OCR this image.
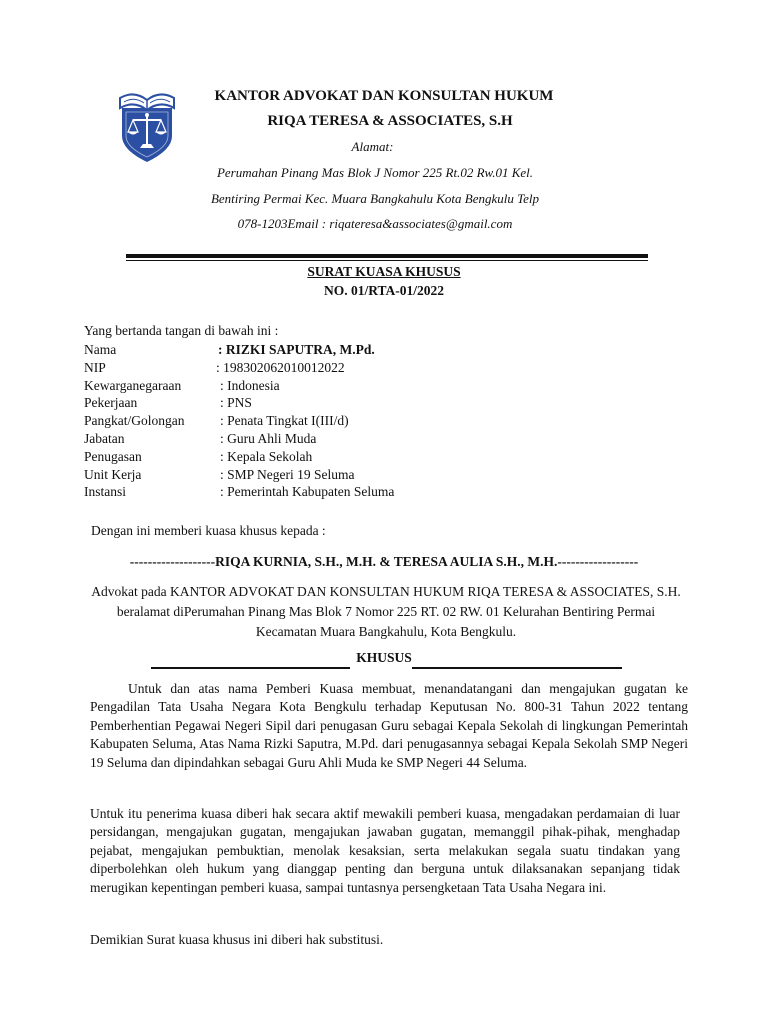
KANTOR ADVOKAT DAN KONSULTAN HUKUM
RIQA TERESA & ASSOCIATES, S.H
Alamat:
Perumahan Pinang Mas Blok J Nomor 225 Rt.02 Rw.01 Kel.
Bentiring Permai Kec. Muara Bangkahulu Kota Bengkulu Telp
078-1203Email : riqateresa&associates@gmail.com
SURAT KUASA KHUSUS
NO. 01/RTA-01/2022
Yang bertanda tangan di bawah ini :
Nama	: RIZKI SAPUTRA, M.Pd.
NIP	: 198302062010012022
Kewarganegaraan	: Indonesia
Pekerjaan	: PNS
Pangkat/Golongan	: Penata Tingkat I(III/d)
Jabatan	: Guru Ahli Muda
Penugasan	: Kepala Sekolah
Unit Kerja	: SMP Negeri 19 Seluma
Instansi	: Pemerintah Kabupaten Seluma
Dengan ini memberi kuasa khusus kepada :
-------------------RIQA KURNIA, S.H., M.H. & TERESA AULIA S.H., M.H.------------------
Advokat pada KANTOR ADVOKAT DAN KONSULTAN HUKUM RIQA TERESA & ASSOCIATES, S.H. beralamat diPerumahan Pinang Mas Blok 7 Nomor 225 RT. 02 RW. 01 Kelurahan Bentiring Permai Kecamatan Muara Bangkahulu, Kota Bengkulu.
KHUSUS
Untuk dan atas nama Pemberi Kuasa membuat, menandatangani dan mengajukan gugatan ke Pengadilan Tata Usaha Negara Kota Bengkulu terhadap Keputusan No. 800-31 Tahun 2022 tentang Pemberhentian Pegawai Negeri Sipil dari penugasan Guru sebagai Kepala Sekolah di lingkungan Pemerintah Kabupaten Seluma, Atas Nama Rizki Saputra, M.Pd. dari penugasannya sebagai Kepala Sekolah SMP Negeri 19 Seluma dan dipindahkan sebagai Guru Ahli Muda ke SMP Negeri 44 Seluma.
Untuk itu penerima kuasa diberi hak secara aktif mewakili pemberi kuasa, mengadakan perdamaian di luar persidangan, mengajukan gugatan, mengajukan jawaban gugatan, memanggil pihak-pihak, menghadap pejabat, mengajukan pembuktian, menolak kesaksian, serta melakukan segala suatu tindakan yang diperbolehkan oleh hukum yang dianggap penting dan berguna untuk dilaksanakan sepanjang tidak merugikan kepentingan pemberi kuasa, sampai tuntasnya persengketaan Tata Usaha Negara ini.
Demikian Surat kuasa khusus ini diberi hak substitusi.
